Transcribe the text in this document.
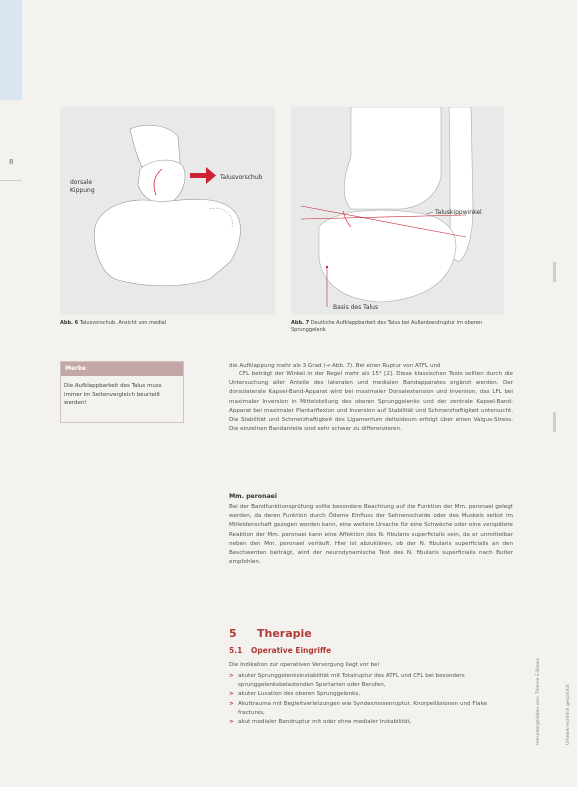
8
dorsale
Kippung
Talusvorschub
Abb. 6 Talusvorschub. Ansicht von medial
Taluskippwinkel
Basis des Talus
Abb. 7 Deutliche Aufklappbarkeit des Talus bei Außenbandruptur im oberen Sprunggelenk
Merke
Die Aufklappbarkeit des Talus muss immer im Seitenvergleich beurteilt werden!
die Aufklappung mehr als 3 Grad (→ Abb. 7). Bei einer Ruptur von ATFL und
CFL beträgt der Winkel in der Regel mehr als 15° [2]. Diese klassischen Tests sollten durch die Untersuchung aller Anteile des lateralen und medialen Bandapparates ergänzt werden. Der dorsolaterale Kapsel-Band-Apparat wird bei maximaler Dorsalextension und Inversion, das LFL bei maximaler Inversion in Mittelstellung des oberen Sprunggelenks und der zentrale Kapsel-Band-Apparat bei maximaler Plantarflexion und Inversion auf Stabilität und Schmerzhaftigkeit untersucht. Die Stabilität und Schmerzhaftigkeit des Ligamentum deltoideum erfolgt über einen Valgus-Stress. Die einzelnen Bandanteile sind sehr schwer zu differenzieren.
Mm. peronaei
Bei der Bandfunktionsprüfung sollte besondere Beachtung auf die Funktion der Mm. peronaei gelegt werden, da deren Funktion durch Ödeme Einfluss der Sehnenscheide oder des Muskels selbst im Mitleidenschaft gezogen worden kann, eine weitere Ursache für eine Schwäche oder eine verspätete Reaktion der Mm. peronaei kann eine Affektion des N. fibularis superficialis sein, da er unmittelbar neben den Mm. peronaei verläuft. Hier ist abzuklären, ob der N. fibularis superficialis an den Beschwerden beiträgt, wird der neurodynamische Test des N. fibularis superficialis nach Butler empfohlen.
5 Therapie
5.1 Operative Eingriffe
Die Indikation zur operativen Versorgung liegt vor bei
> akuter Sprunggelenksinstabilität mit Totalruptur des ATFL und CFL bei besonders sprunggelenksbelastenden Sportarten oder Berufen,
> akuter Luxation des oberen Sprunggelenks,
> Akuttrauma mit Begleitverletzungen wie Syndesmosenruptur, Knorpelläsionen und Flake fractures,
> akut medialer Bandruptur mit oder ohne medialer Instabilität,	Heruntergeladen von: Thieme E-Books	Urheberrechtlich geschützt
